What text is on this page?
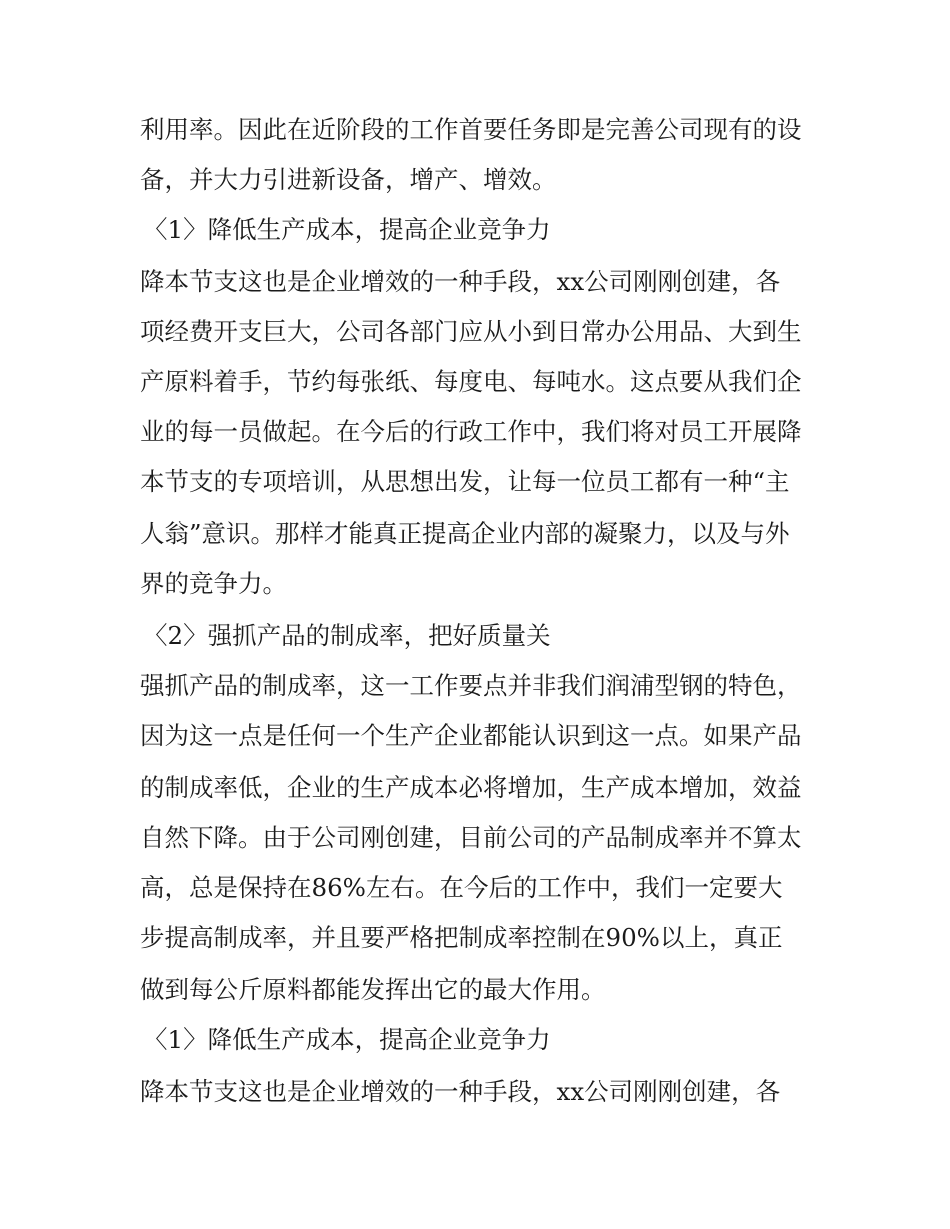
利用率。因此在近阶段的工作首要任务即是完善公司现有的设
备，并大力引进新设备，增产、增效。
〈1〉降低生产成本，提高企业竞争力
降本节支这也是企业增效的一种手段，xx公司刚刚创建，各
项经费开支巨大，公司各部门应从小到日常办公用品、大到生
产原料着手，节约每张纸、每度电、每吨水。这点要从我们企
业的每一员做起。在今后的行政工作中，我们将对员工开展降
本节支的专项培训，从思想出发，让每一位员工都有一种“主
人翁”意识。那样才能真正提高企业内部的凝聚力，以及与外
界的竞争力。
〈2〉强抓产品的制成率，把好质量关
强抓产品的制成率，这一工作要点并非我们润浦型钢的特色，
因为这一点是任何一个生产企业都能认识到这一点。如果产品
的制成率低，企业的生产成本必将增加，生产成本增加，效益
自然下降。由于公司刚创建，目前公司的产品制成率并不算太
高，总是保持在86%左右。在今后的工作中，我们一定要大
步提高制成率，并且要严格把制成率控制在90%以上，真正
做到每公斤原料都能发挥出它的最大作用。
〈1〉降低生产成本，提高企业竞争力
降本节支这也是企业增效的一种手段，xx公司刚刚创建，各
